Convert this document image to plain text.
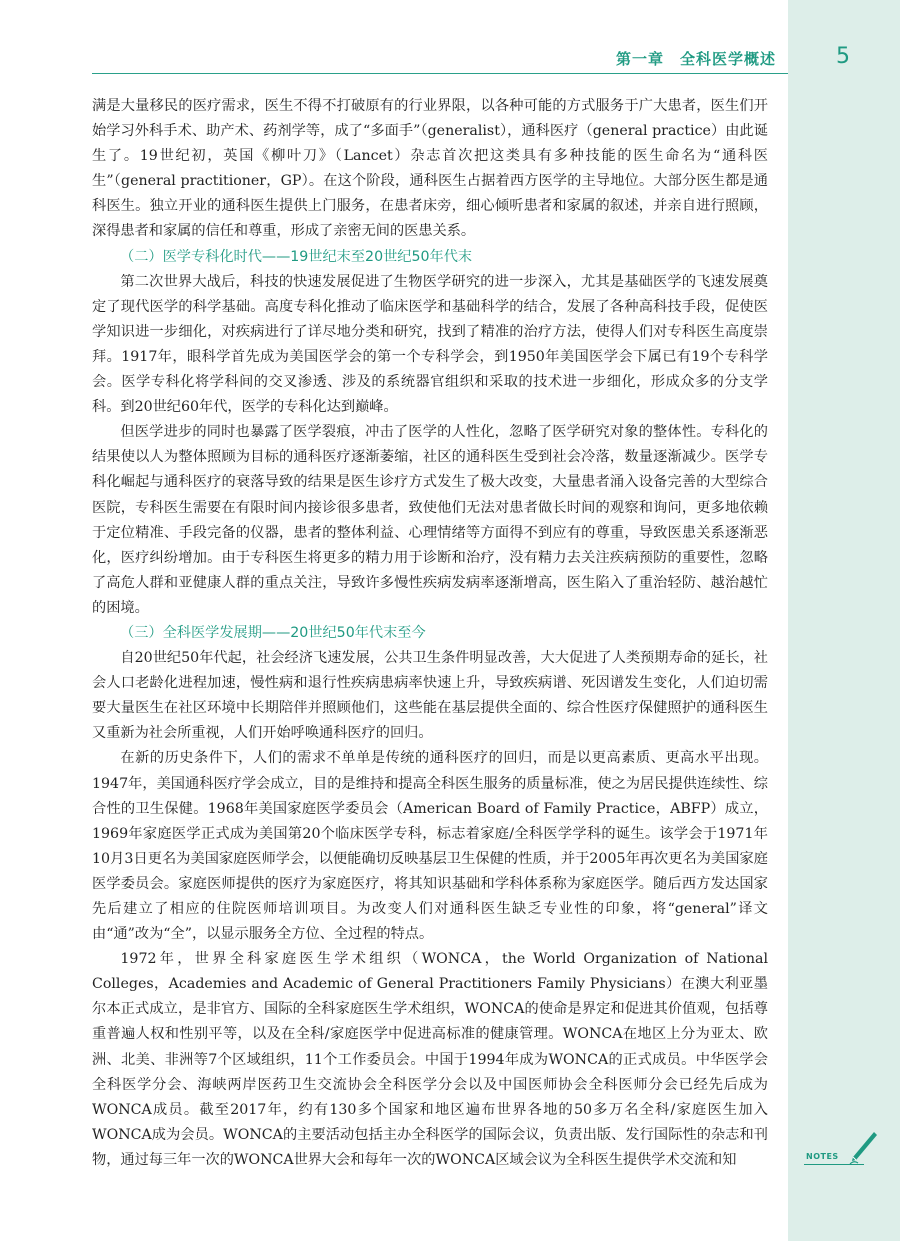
第一章　全科医学概述	5

满是大量移民的医疗需求，医生不得不打破原有的行业界限，以各种可能的方式服务于广大患者，医生们开始学习外科手术、助产术、药剂学等，成了“多面手”（generalist），通科医疗（general practice）由此诞生了。19世纪初，英国《柳叶刀》（Lancet）杂志首次把这类具有多种技能的医生命名为“通科医生”（general practitioner，GP）。在这个阶段，通科医生占据着西方医学的主导地位。大部分医生都是通科医生。独立开业的通科医生提供上门服务，在患者床旁，细心倾听患者和家属的叙述，并亲自进行照顾，深得患者和家属的信任和尊重，形成了亲密无间的医患关系。

（二）医学专科化时代——19世纪末至20世纪50年代末

第二次世界大战后，科技的快速发展促进了生物医学研究的进一步深入，尤其是基础医学的飞速发展奠定了现代医学的科学基础。高度专科化推动了临床医学和基础科学的结合，发展了各种高科技手段，促使医学知识进一步细化，对疾病进行了详尽地分类和研究，找到了精准的治疗方法，使得人们对专科医生高度崇拜。1917年，眼科学首先成为美国医学会的第一个专科学会，到1950年美国医学会下属已有19个专科学会。医学专科化将学科间的交叉渗透、涉及的系统器官组织和采取的技术进一步细化，形成众多的分支学科。到20世纪60年代，医学的专科化达到巅峰。

但医学进步的同时也暴露了医学裂痕，冲击了医学的人性化，忽略了医学研究对象的整体性。专科化的结果使以人为整体照顾为目标的通科医疗逐渐萎缩，社区的通科医生受到社会冷落，数量逐渐减少。医学专科化崛起与通科医疗的衰落导致的结果是医生诊疗方式发生了极大改变，大量患者涌入设备完善的大型综合医院，专科医生需要在有限时间内接诊很多患者，致使他们无法对患者做长时间的观察和询问，更多地依赖于定位精准、手段完备的仪器，患者的整体利益、心理情绪等方面得不到应有的尊重，导致医患关系逐渐恶化，医疗纠纷增加。由于专科医生将更多的精力用于诊断和治疗，没有精力去关注疾病预防的重要性，忽略了高危人群和亚健康人群的重点关注，导致许多慢性疾病发病率逐渐增高，医生陷入了重治轻防、越治越忙的困境。

（三）全科医学发展期——20世纪50年代末至今

自20世纪50年代起，社会经济飞速发展，公共卫生条件明显改善，大大促进了人类预期寿命的延长，社会人口老龄化进程加速，慢性病和退行性疾病患病率快速上升，导致疾病谱、死因谱发生变化，人们迫切需要大量医生在社区环境中长期陪伴并照顾他们，这些能在基层提供全面的、综合性医疗保健照护的通科医生又重新为社会所重视，人们开始呼唤通科医疗的回归。

在新的历史条件下，人们的需求不单单是传统的通科医疗的回归，而是以更高素质、更高水平出现。1947年，美国通科医疗学会成立，目的是维持和提高全科医生服务的质量标准，使之为居民提供连续性、综合性的卫生保健。1968年美国家庭医学委员会（American Board of Family Practice，ABFP）成立，1969年家庭医学正式成为美国第20个临床医学专科，标志着家庭/全科医学学科的诞生。该学会于1971年10月3日更名为美国家庭医师学会，以便能确切反映基层卫生保健的性质，并于2005年再次更名为美国家庭医学委员会。家庭医师提供的医疗为家庭医疗，将其知识基础和学科体系称为家庭医学。随后西方发达国家先后建立了相应的住院医师培训项目。为改变人们对通科医生缺乏专业性的印象，将“general”译文由“通”改为“全”，以显示服务全方位、全过程的特点。

1972年，世界全科家庭医生学术组织（WONCA，the World Organization of National Colleges，Academies and Academic of General Practitioners Family Physicians）在澳大利亚墨尔本正式成立，是非官方、国际的全科家庭医生学术组织，WONCA的使命是界定和促进其价值观，包括尊重普遍人权和性别平等，以及在全科/家庭医学中促进高标准的健康管理。WONCA在地区上分为亚太、欧洲、北美、非洲等7个区域组织，11个工作委员会。中国于1994年成为WONCA的正式成员。中华医学会全科医学分会、海峡两岸医药卫生交流协会全科医学分会以及中国医师协会全科医师分会已经先后成为WONCA成员。截至2017年，约有130多个国家和地区遍布世界各地的50多万名全科/家庭医生加入WONCA成为会员。WONCA的主要活动包括主办全科医学的国际会议，负责出版、发行国际性的杂志和刊物，通过每三年一次的WONCA世界大会和每年一次的WONCA区域会议为全科医生提供学术交流和知	NOTES
